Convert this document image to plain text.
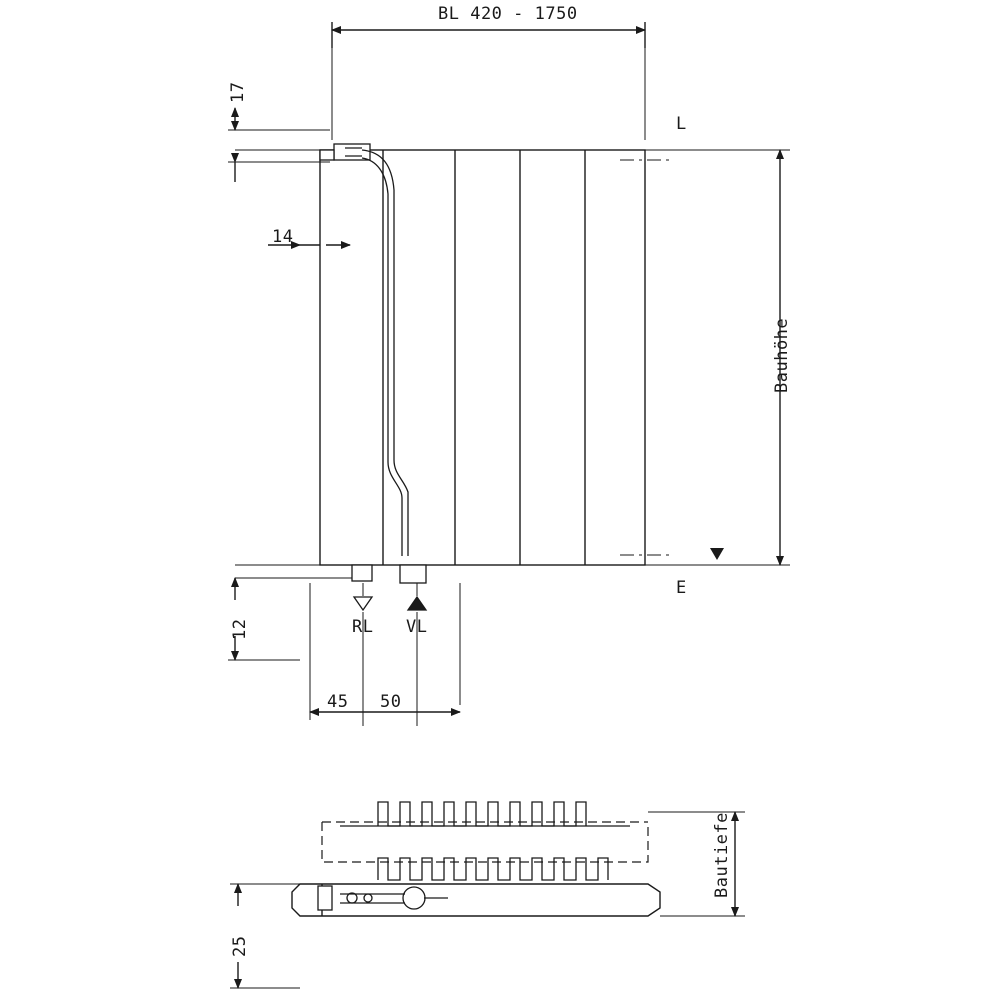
BL 420 - 1750
17
14
L
E
12	RL VL
45 50
Bauhöhe
Bautiefe
25
